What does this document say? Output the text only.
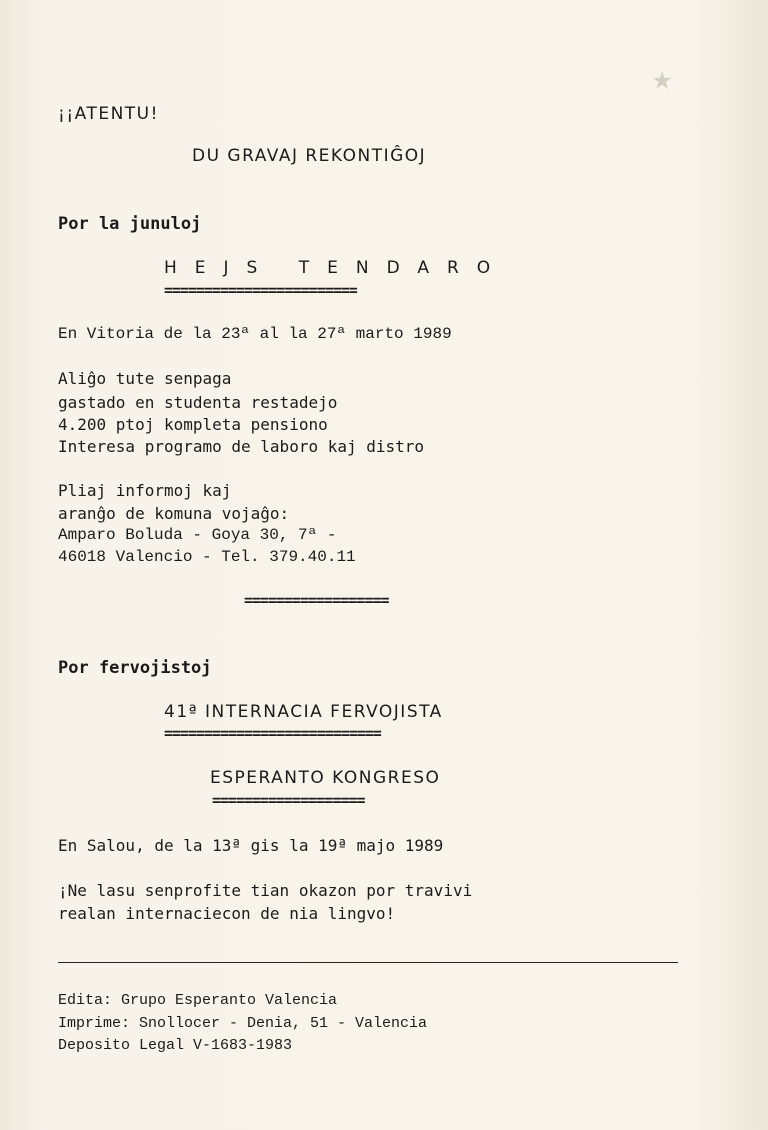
★
¡¡ATENTU!
DU GRAVAJ REKONTIĜOJ
Por la junuloj
HEJS TENDARO
========================
En Vitoria de la 23ª al la 27ª marto 1989
Aliĝo tute senpaga
gastado en studenta restadejo
4.200 ptoj kompleta pensiono
Interesa programo de laboro kaj distro
Pliaj informoj kaj
aranĝo de komuna vojaĝo:
Amparo Boluda - Goya 30, 7ª -
46018 Valencio - Tel. 379.40.11
==================
Por fervojistoj
41ª INTERNACIA FERVOJISTA
===========================
ESPERANTO KONGRESO
===================
En Salou, de la 13ª gis la 19ª majo 1989
¡Ne lasu senprofite tian okazon por travivi
realan internaciecon de nia lingvo!
Edita: Grupo Esperanto Valencia
Imprime: Snollocer - Denia, 51 - Valencia
Deposito Legal V-1683-1983
